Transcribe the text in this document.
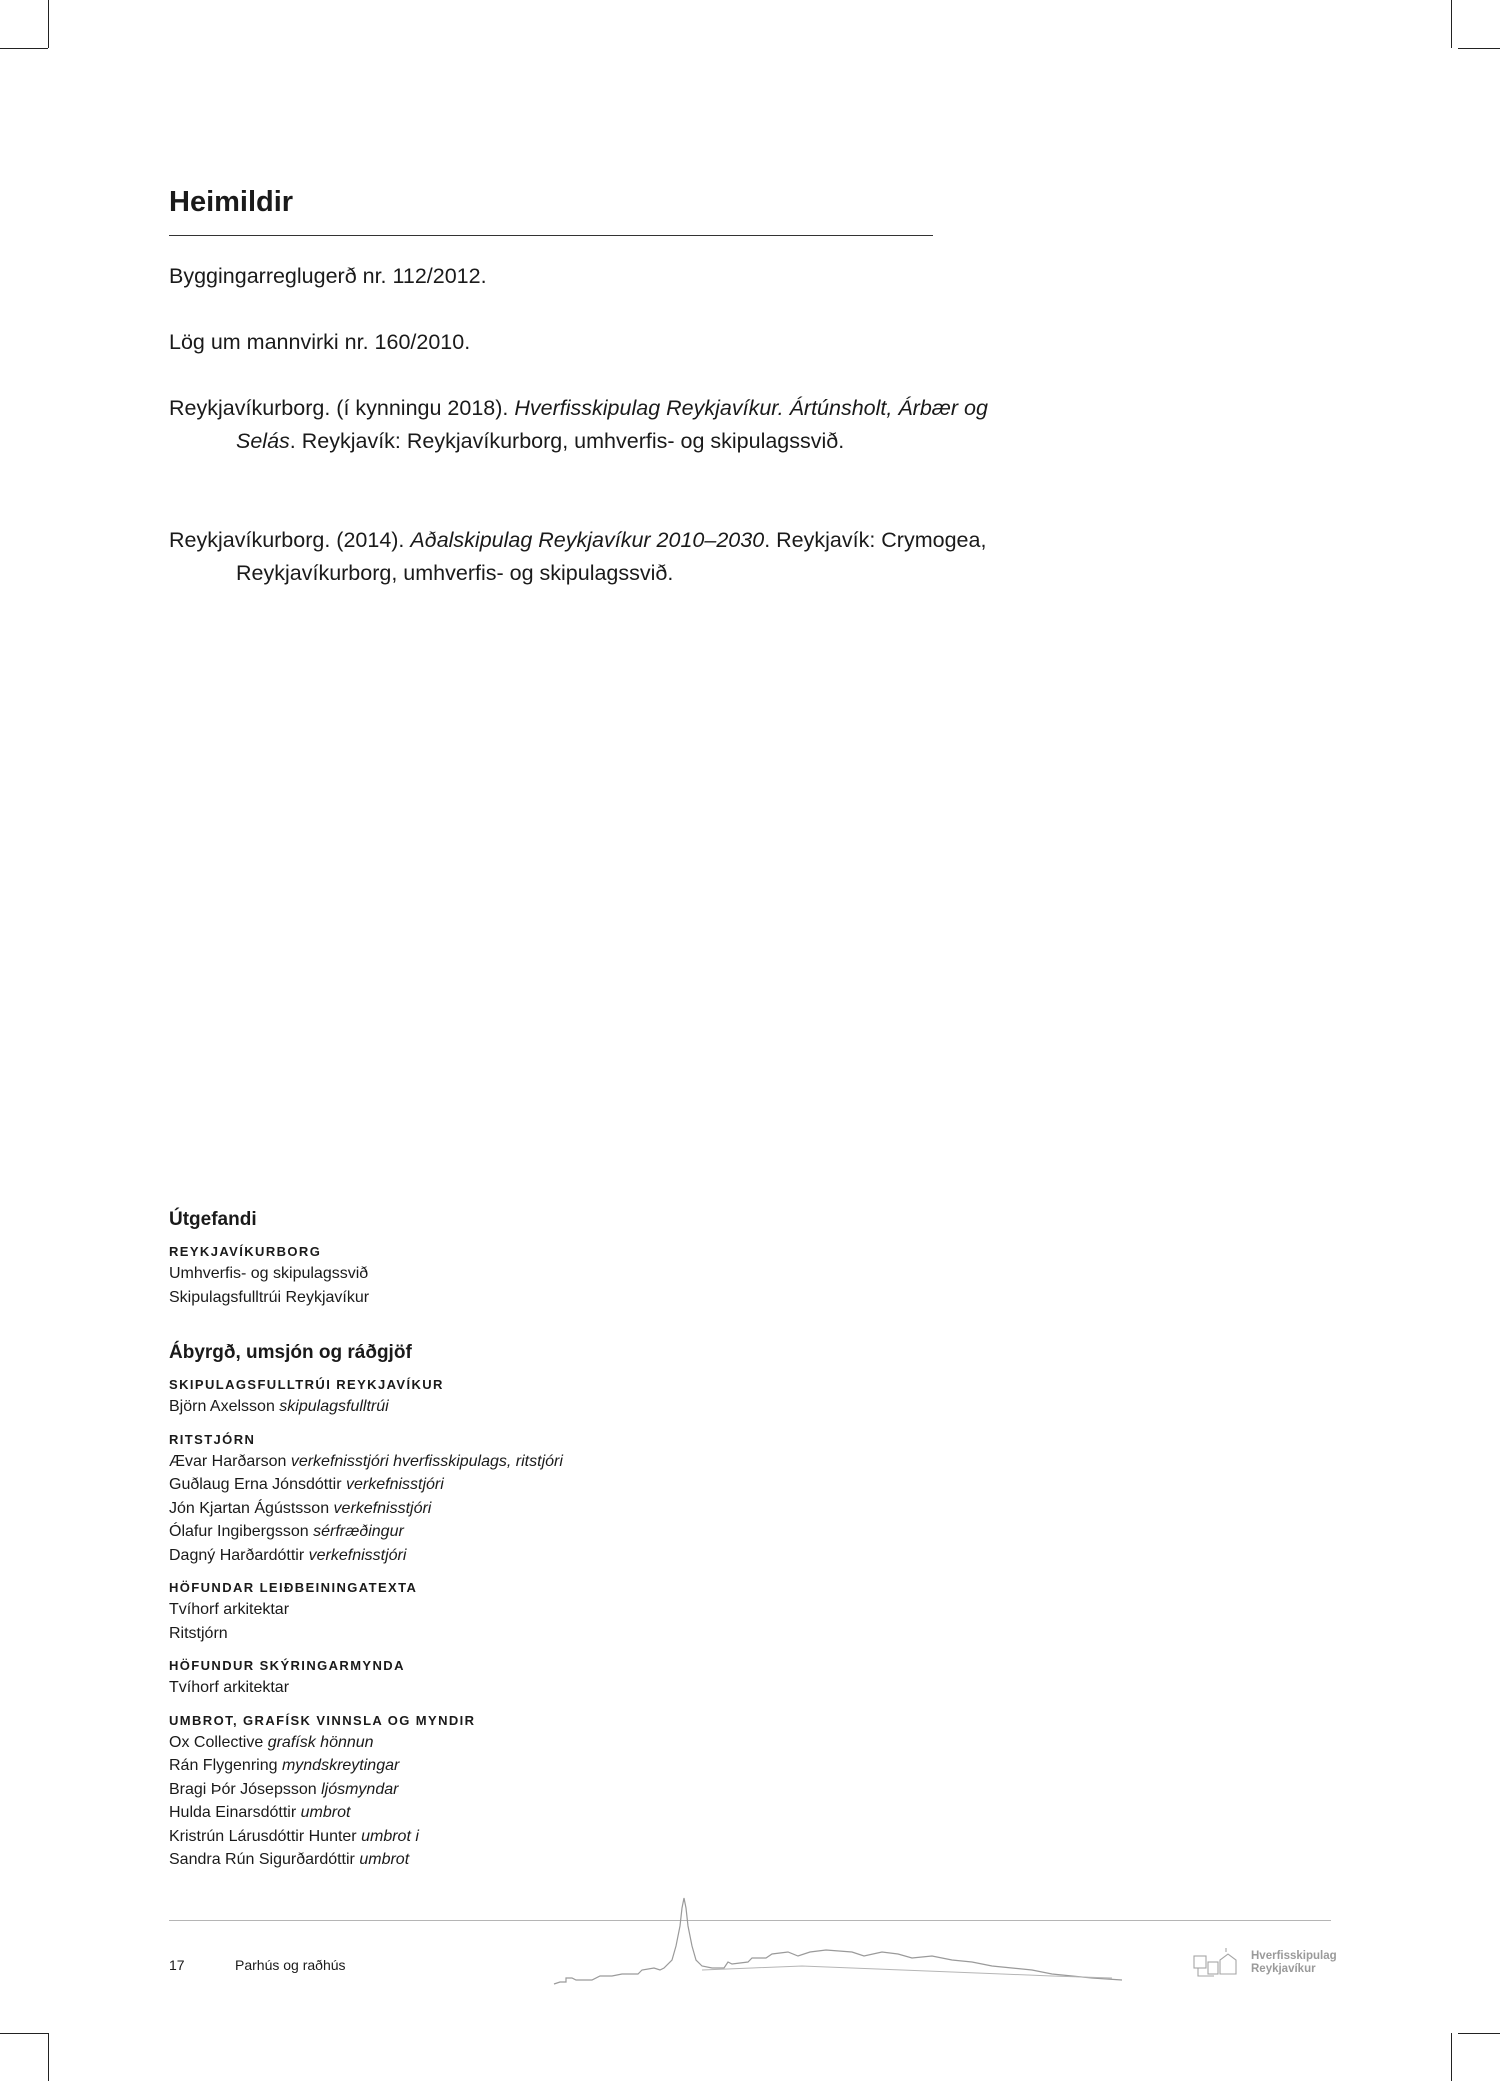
Heimildir
Byggingarreglugerð nr. 112/2012.
Lög um mannvirki nr. 160/2010.
Reykjavíkurborg. (í kynningu 2018). Hverfisskipulag Reykjavíkur. Ártúnsholt, Árbær og Selás. Reykjavík: Reykjavíkurborg, umhverfis- og skipulagssvið.
Reykjavíkurborg. (2014). Aðalskipulag Reykjavíkur 2010–2030. Reykjavík: Crymogea, Reykjavíkurborg, umhverfis- og skipulagssvið.
Útgefandi
REYKJAVÍKURBORG
Umhverfis- og skipulagssvið
Skipulagsfulltrúi Reykjavíkur
Ábyrgð, umsjón og ráðgjöf
SKIPULAGSFULLTRÚI REYKJAVÍKUR
Björn Axelsson skipulagsfulltrúi
RITSTJÓRN
Ævar Harðarson verkefnisstjóri hverfisskipulags, ritstjóri
Guðlaug Erna Jónsdóttir verkefnisstjóri
Jón Kjartan Ágústsson verkefnisstjóri
Ólafur Ingibergsson sérfræðingur
Dagný Harðardóttir verkefnisstjóri
HÖFUNDAR LEIÐBEININGATEXTA
Tvíhorf arkitektar
Ritstjórn
HÖFUNDUR SKÝRINGARMYNDA
Tvíhorf arkitektar
UMBROT, GRAFÍSK VINNSLA OG MYNDIR
Ox Collective grafísk hönnun
Rán Flygenring myndskreytingar
Bragi Þór Jósepsson ljósmyndar
Hulda Einarsdóttir umbrot
Kristrún Lárusdóttir Hunter umbrot i
Sandra Rún Sigurðardóttir umbrot
17	Parhús og raðhús
Hverfisskipulag
Reykjavíkur
